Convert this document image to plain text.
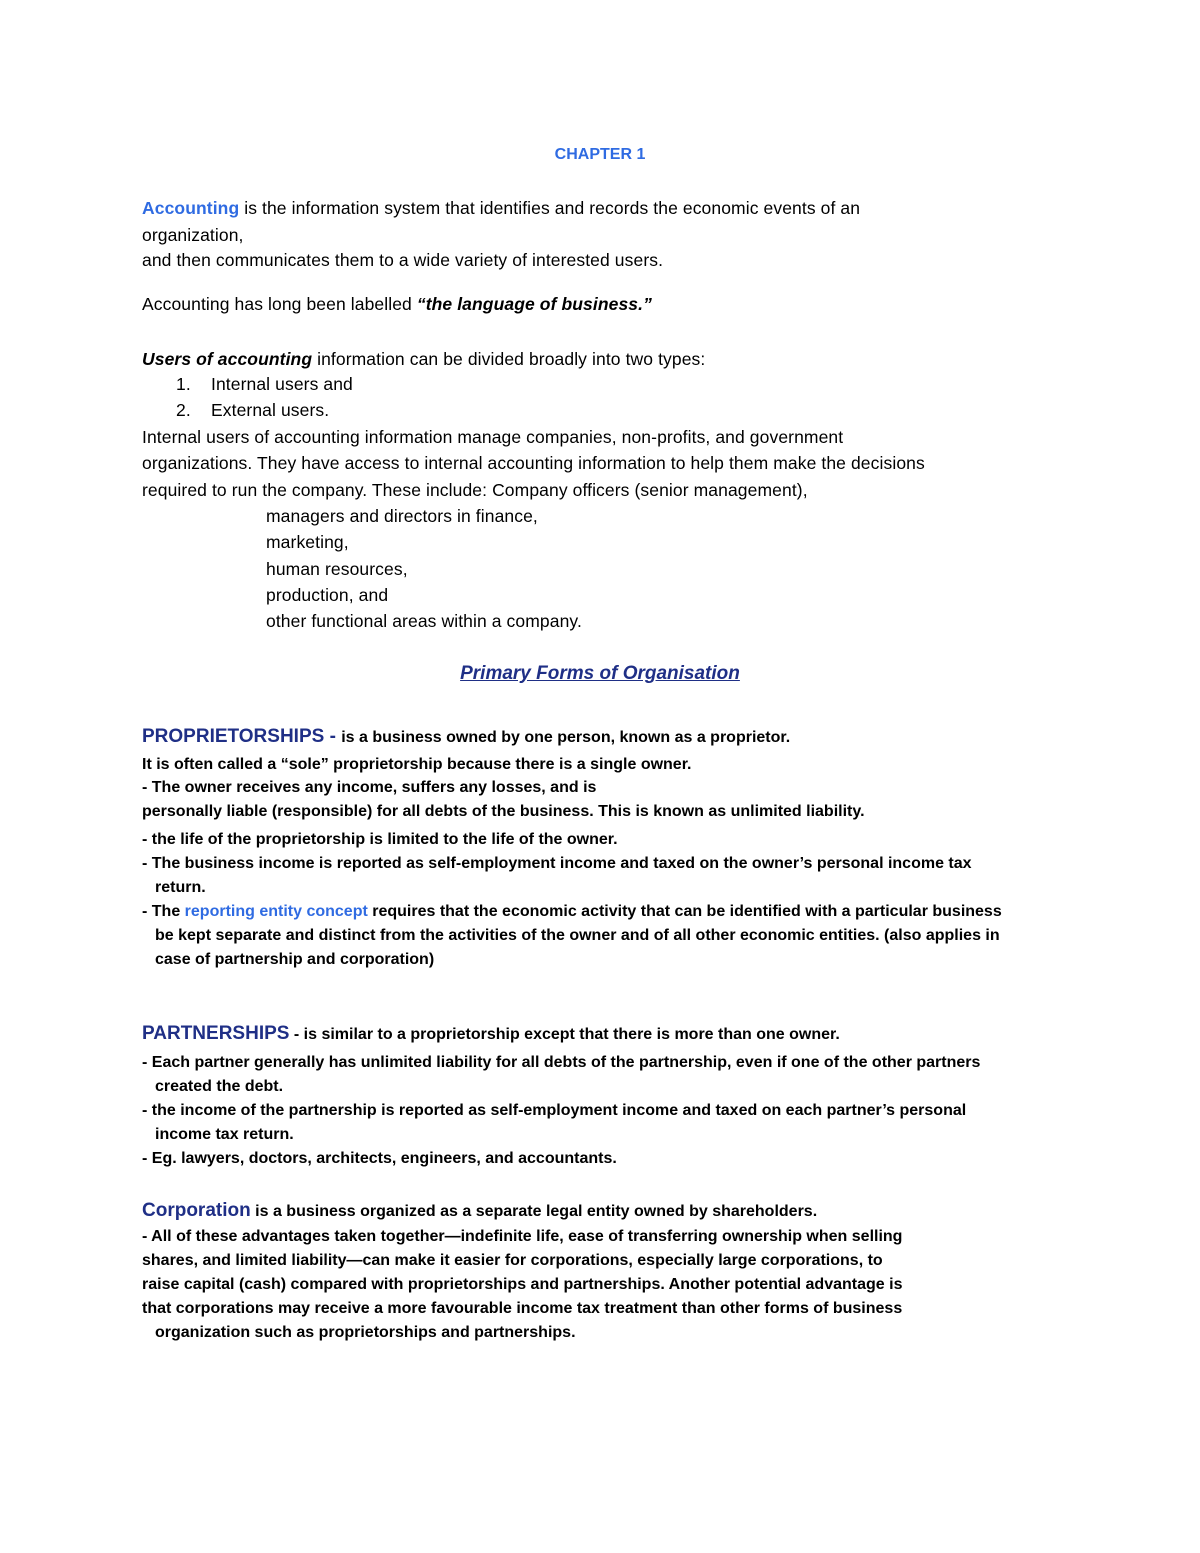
CHAPTER 1
Accounting is the information system that identifies and records the economic events of an
organization,
and then communicates them to a wide variety of interested users.
Accounting has long been labelled “the language of business.”
Users of accounting information can be divided broadly into two types:
1. Internal users and
2. External users.
Internal users of accounting information manage companies, non-profits, and government
organizations. They have access to internal accounting information to help them make the decisions
required to run the company. These include: Company officers (senior management),
managers and directors in finance,
marketing,
human resources,
production, and
other functional areas within a company.
Primary Forms of Organisation
PROPRIETORSHIPS - is a business owned by one person, known as a proprietor.
It is often called a “sole” proprietorship because there is a single owner.
- The owner receives any income, suffers any losses, and is
personally liable (responsible) for all debts of the business. This is known as unlimited liability.
- the life of the proprietorship is limited to the life of the owner.
- The business income is reported as self-employment income and taxed on the owner’s personal income tax
return.
- The reporting entity concept requires that the economic activity that can be identified with a particular business
be kept separate and distinct from the activities of the owner and of all other economic entities. (also applies in
case of partnership and corporation)
PARTNERSHIPS - is similar to a proprietorship except that there is more than one owner.
- Each partner generally has unlimited liability for all debts of the partnership, even if one of the other partners
created the debt.
- the income of the partnership is reported as self-employment income and taxed on each partner’s personal
income tax return.
- Eg. lawyers, doctors, architects, engineers, and accountants.
Corporation is a business organized as a separate legal entity owned by shareholders.
- All of these advantages taken together—indefinite life, ease of transferring ownership when selling
shares, and limited liability—can make it easier for corporations, especially large corporations, to
raise capital (cash) compared with proprietorships and partnerships. Another potential advantage is
that corporations may receive a more favourable income tax treatment than other forms of business
organization such as proprietorships and partnerships.
